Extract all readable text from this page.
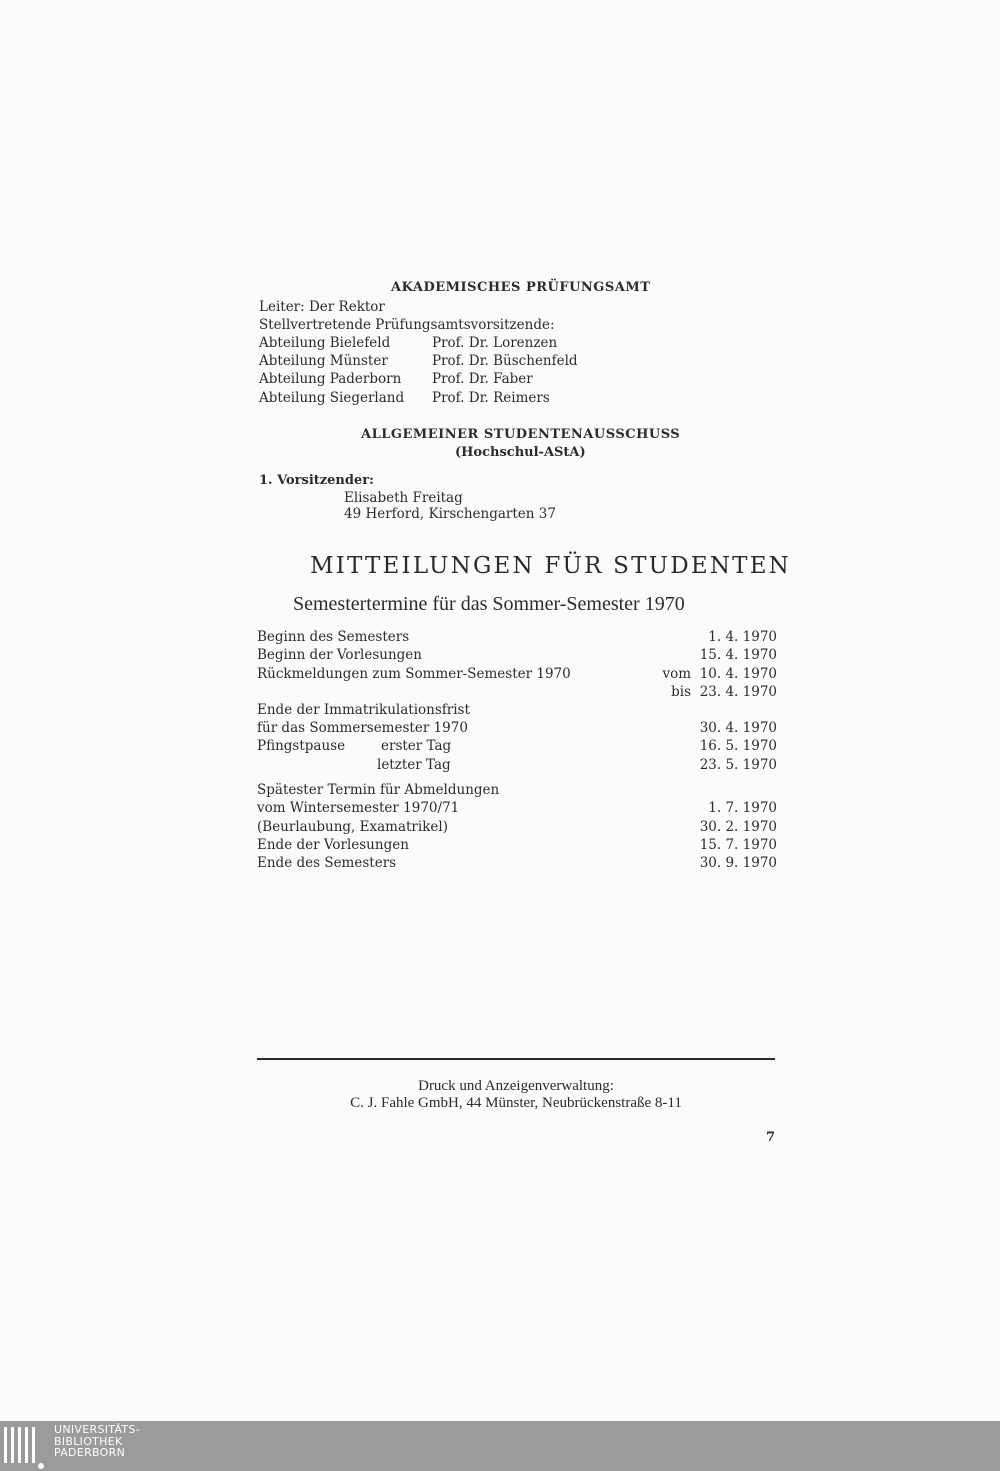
AKADEMISCHES PRÜFUNGSAMT
Leiter: Der Rektor
Stellvertretende Prüfungsamtsvorsitzende:
Abteilung Bielefeld	Prof. Dr. Lorenzen
Abteilung Münster	Prof. Dr. Büschenfeld
Abteilung Paderborn Prof. Dr. Faber
Abteilung Siegerland Prof. Dr. Reimers
ALLGEMEINER STUDENTENAUSSCHUSS
(Hochschul-AStA)
1. Vorsitzender:
Elisabeth Freitag
49 Herford, Kirschengarten 37
MITTEILUNGEN FÜR STUDENTEN
Semestertermine für das Sommer-Semester 1970
Beginn des Semesters	1. 4. 1970
Beginn der Vorlesungen	15. 4. 1970
Rückmeldungen zum Sommer-Semester 1970	vom 10. 4. 1970
bis 23. 4. 1970
Ende der Immatrikulationsfrist
für das Sommersemester 1970	30. 4. 1970
Pfingstpause	erster Tag	16. 5. 1970
letzter Tag	23. 5. 1970
Spätester Termin für Abmeldungen
vom Wintersemester 1970/71	1. 7. 1970
(Beurlaubung, Examatrikel)	30. 2. 1970
Ende der Vorlesungen	15. 7. 1970
Ende des Semesters	30. 9. 1970
Druck und Anzeigenverwaltung:
C. J. Fahle GmbH, 44 Münster, Neubrückenstraße 8-11
7
UNIVERSITÄTS-
BIBLIOTHEK
PADERBORN
